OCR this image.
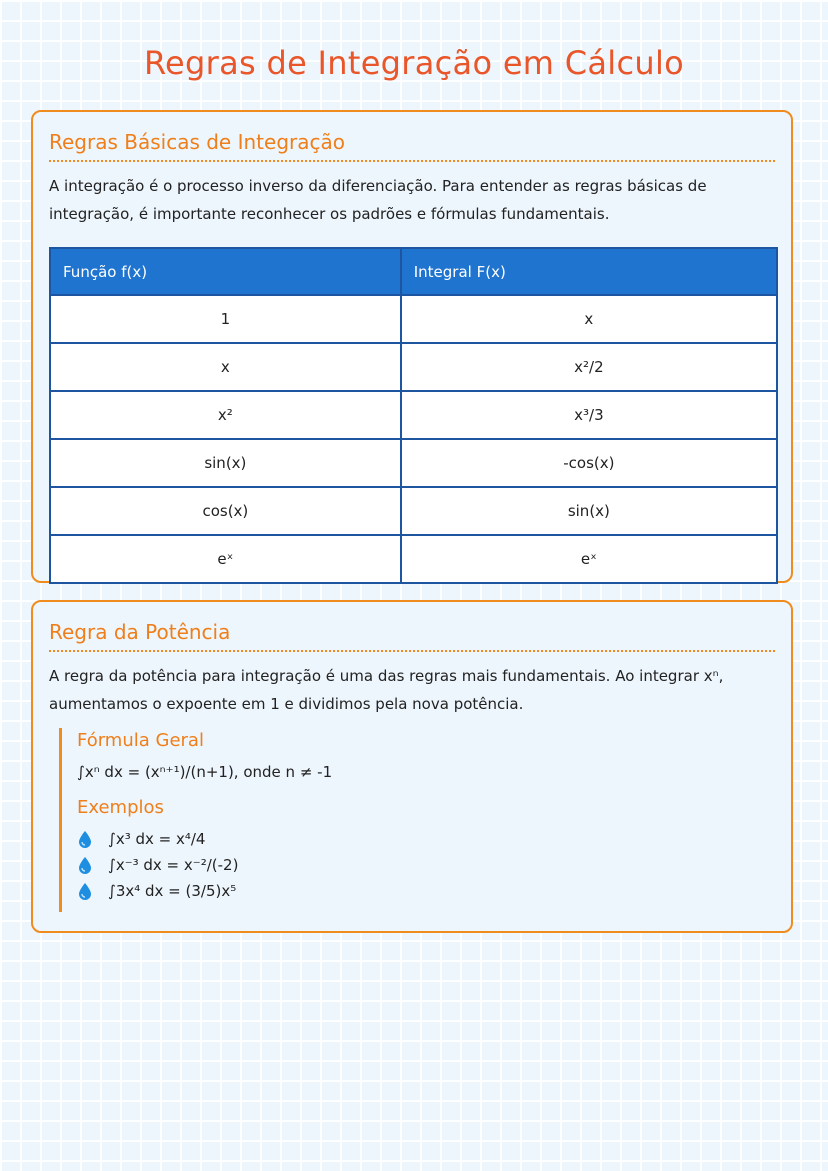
Regras de Integração em Cálculo
Regras Básicas de Integração

A integração é o processo inverso da diferenciação. Para entender as regras básicas de integração, é importante reconhecer os padrões e fórmulas fundamentais.

Função f(x)	Integral F(x)
1	x
x	x²/2
x²	x³/3
sin(x)	-cos(x)
cos(x)	sin(x)
eˣ	eˣ
Regra da Potência

A regra da potência para integração é uma das regras mais fundamentais. Ao integrar xⁿ, aumentamos o expoente em 1 e dividimos pela nova potência.

Fórmula Geral
∫xⁿ dx = (xⁿ⁺¹)/(n+1), onde n ≠ -1
Exemplos
∫x³ dx = x⁴/4
∫x⁻³ dx = x⁻²/(-2)
∫3x⁴ dx = (3/5)x⁵
